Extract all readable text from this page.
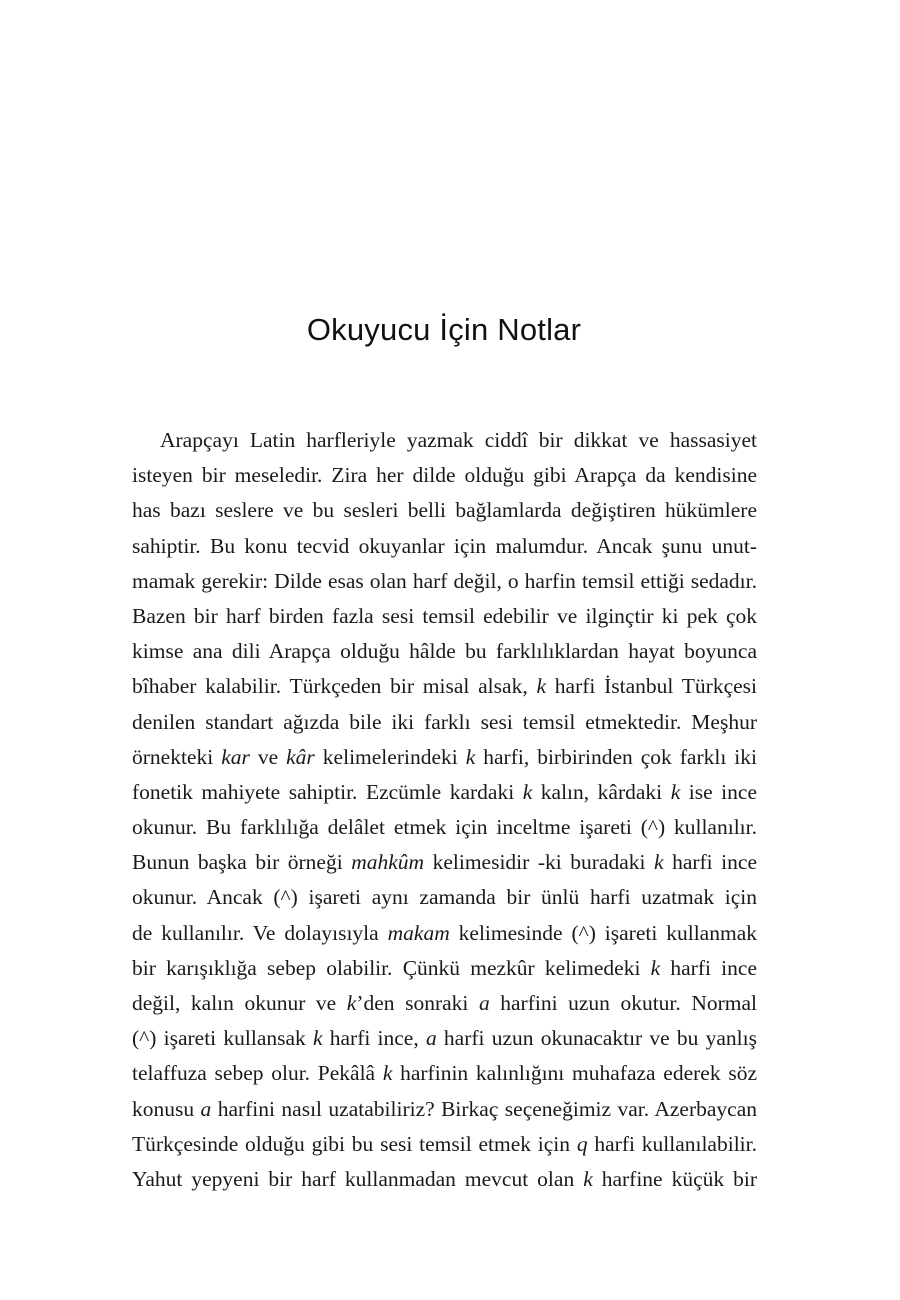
Okuyucu İçin Notlar
Arapçayı Latin harfleriyle yazmak ciddî bir dikkat ve hassasiyet
isteyen bir meseledir. Zira her dilde olduğu gibi Arapça da kendisine
has bazı seslere ve bu sesleri belli bağlamlarda değiştiren hükümlere
sahiptir. Bu konu tecvid okuyanlar için malumdur. Ancak şunu unut-
mamak gerekir: Dilde esas olan harf değil, o harfin temsil ettiği sedadır.
Bazen bir harf birden fazla sesi temsil edebilir ve ilginçtir ki pek çok
kimse ana dili Arapça olduğu hâlde bu farklılıklardan hayat boyunca
bîhaber kalabilir. Türkçeden bir misal alsak, k harfi İstanbul Türkçesi
denilen standart ağızda bile iki farklı sesi temsil etmektedir. Meşhur
örnekteki kar ve kâr kelimelerindeki k harfi, birbirinden çok farklı iki
fonetik mahiyete sahiptir. Ezcümle kardaki k kalın, kârdaki k ise ince
okunur. Bu farklılığa delâlet etmek için inceltme işareti (^) kullanılır.
Bunun başka bir örneği mahkûm kelimesidir -ki buradaki k harfi ince
okunur. Ancak (^) işareti aynı zamanda bir ünlü harfi uzatmak için
de kullanılır. Ve dolayısıyla makam kelimesinde (^) işareti kullanmak
bir karışıklığa sebep olabilir. Çünkü mezkûr kelimedeki k harfi ince
değil, kalın okunur ve k’den sonraki a harfini uzun okutur. Normal
(^) işareti kullansak k harfi ince, a harfi uzun okunacaktır ve bu yanlış
telaffuza sebep olur. Pekâlâ k harfinin kalınlığını muhafaza ederek söz
konusu a harfini nasıl uzatabiliriz? Birkaç seçeneğimiz var. Azerbaycan
Türkçesinde olduğu gibi bu sesi temsil etmek için q harfi kullanılabilir.
Yahut yepyeni bir harf kullanmadan mevcut olan k harfine küçük bir
